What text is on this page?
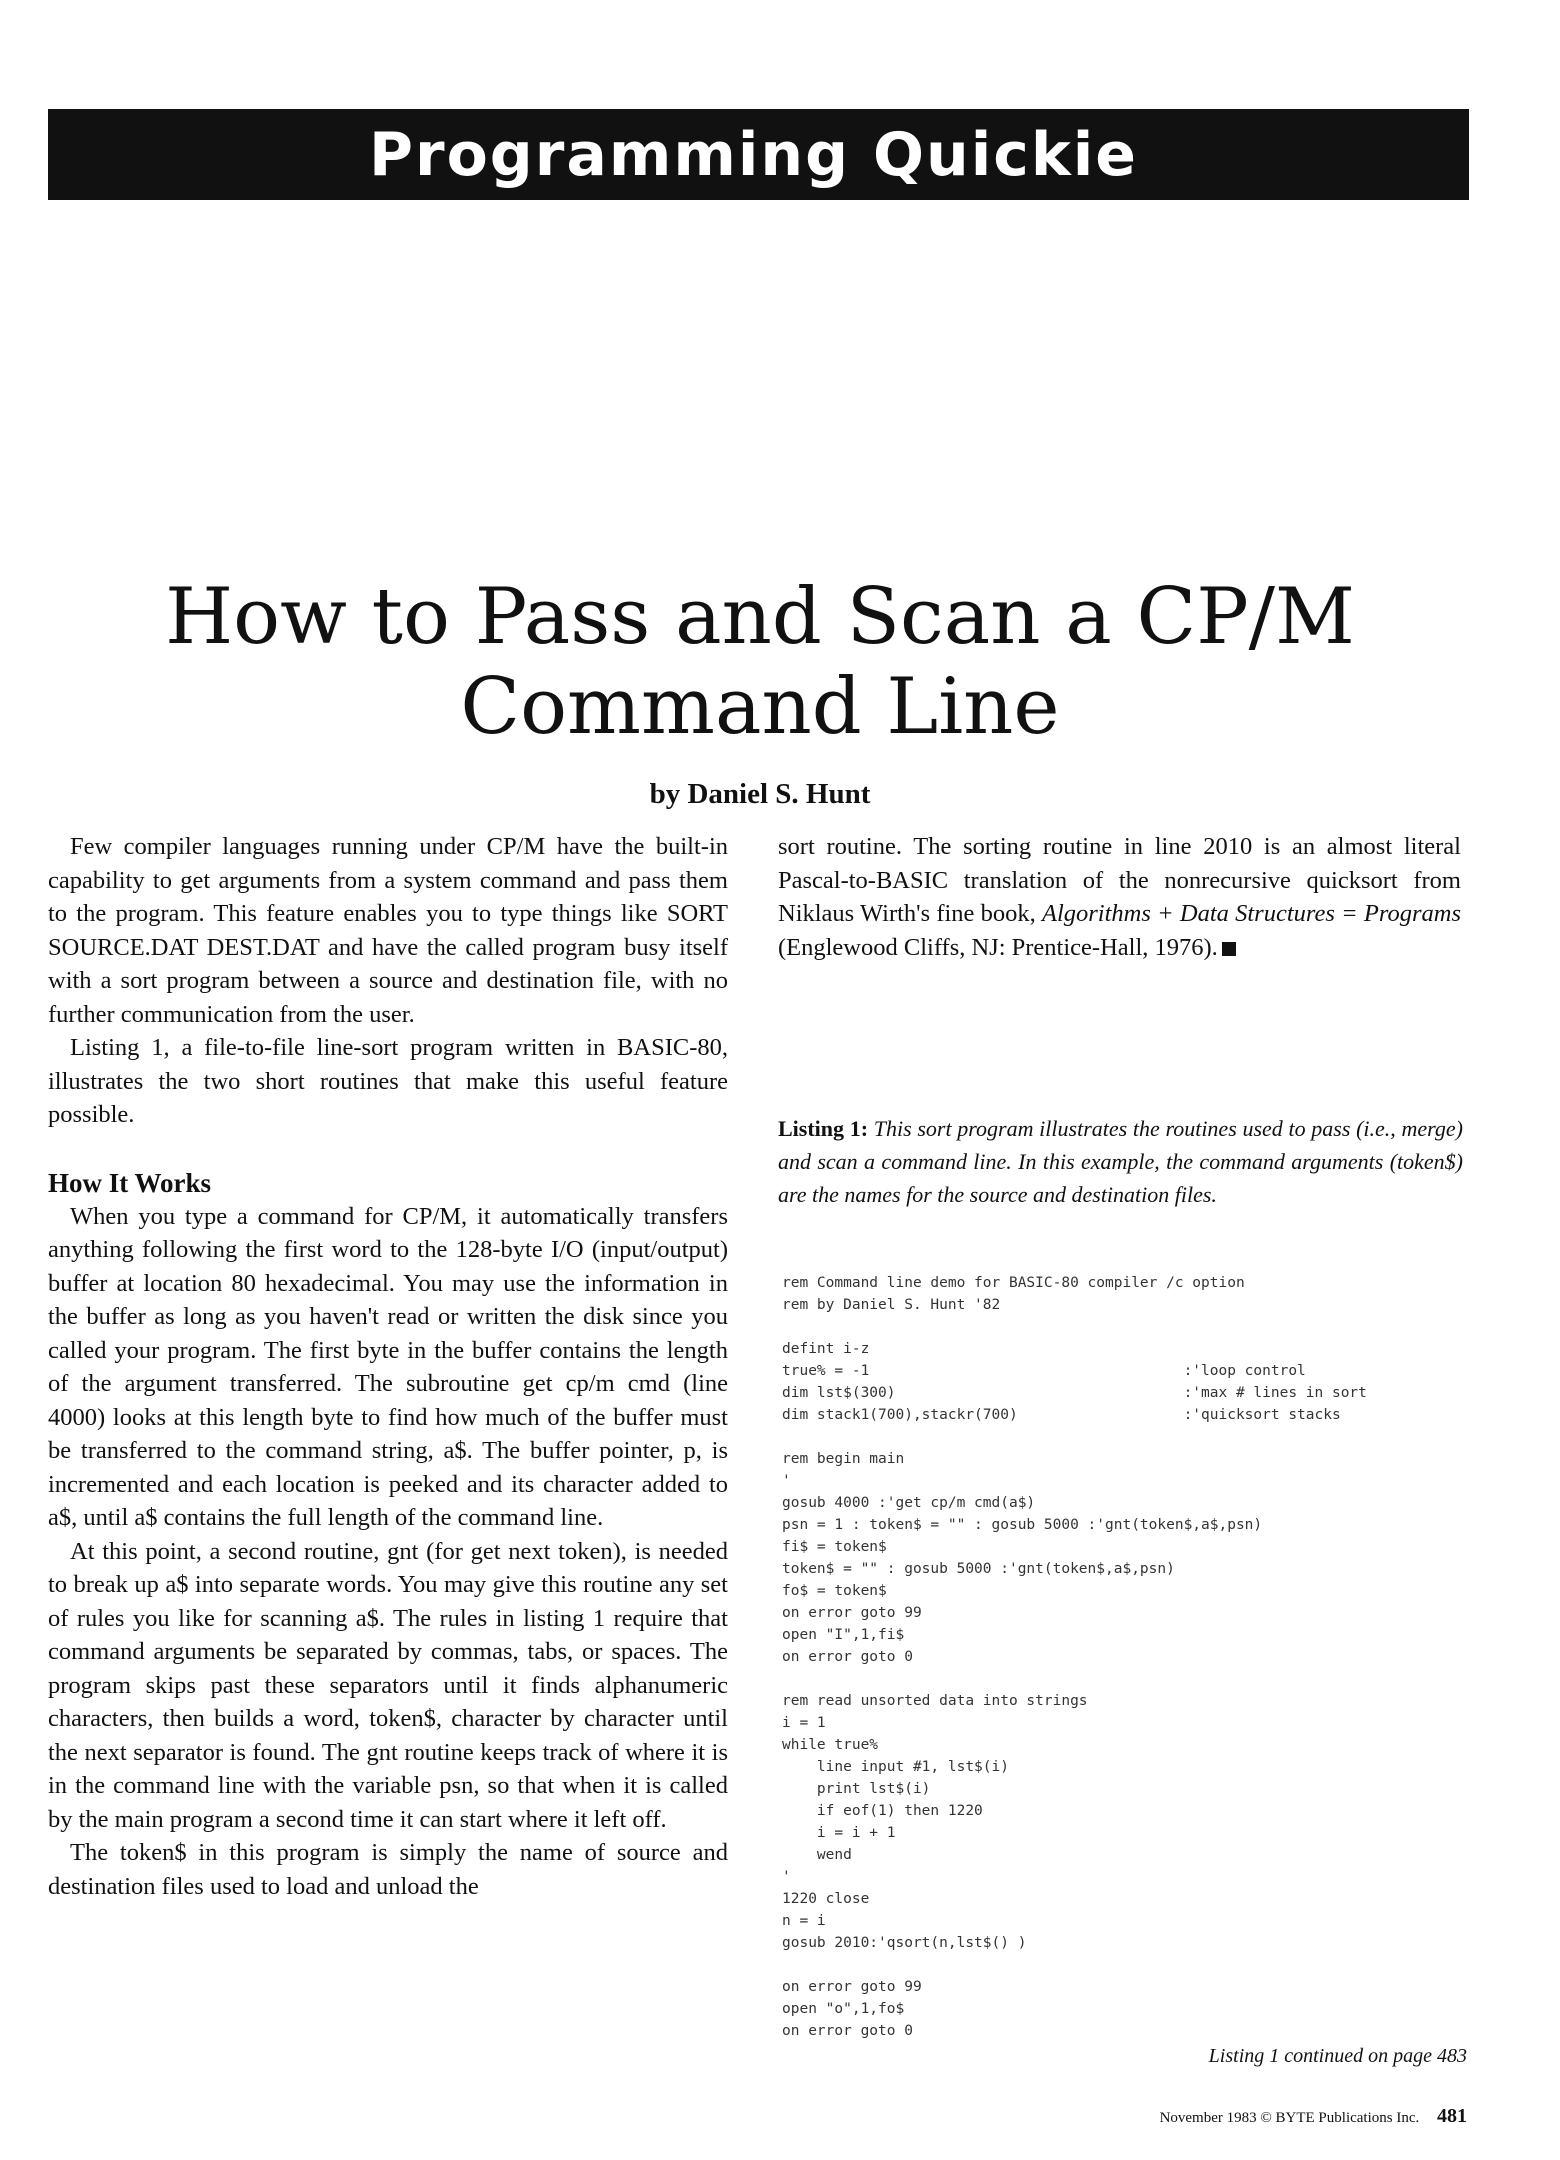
Programming Quickie
How to Pass and Scan a CP/M
Command Line
by Daniel S. Hunt

Few compiler languages running under CP/M have the built-in capability to get arguments from a system command and pass them to the program. This feature enables you to type things like SORT SOURCE.DAT DEST.DAT and have the called program busy itself with a sort program between a source and destination file, with no further communication from the user.

Listing 1, a file-to-file line-sort program written in BASIC-80, illustrates the two short routines that make this useful feature possible.

How It Works

When you type a command for CP/M, it automatically transfers anything following the first word to the 128-byte I/O (input/output) buffer at location 80 hexadecimal. You may use the information in the buffer as long as you haven't read or written the disk since you called your program. The first byte in the buffer contains the length of the argument transferred. The subroutine get cp/m cmd (line 4000) looks at this length byte to find how much of the buffer must be transferred to the command string, a$. The buffer pointer, p, is incremented and each location is peeked and its character added to a$, until a$ contains the full length of the command line.

At this point, a second routine, gnt (for get next token), is needed to break up a$ into separate words. You may give this routine any set of rules you like for scanning a$. The rules in listing 1 require that command arguments be separated by commas, tabs, or spaces. The program skips past these separators until it finds alphanumeric characters, then builds a word, token$, character by character until the next separator is found. The gnt routine keeps track of where it is in the command line with the variable psn, so that when it is called by the main program a second time it can start where it left off.

The token$ in this program is simply the name of source and destination files used to load and unload the

sort routine. The sorting routine in line 2010 is an almost literal Pascal-to-BASIC translation of the nonrecursive quicksort from Niklaus Wirth's fine book, Algorithms + Data Structures = Programs (Englewood Cliffs, NJ: Prentice-Hall, 1976).

Listing 1: This sort program illustrates the routines used to pass (i.e., merge) and scan a command line. In this example, the command arguments (token$) are the names for the source and destination files.
rem Command line demo for BASIC-80 compiler /c option
rem by Daniel S. Hunt '82
defint i-z
true% = -1                                    :'loop control
dim lst$(300)                                 :'max # lines in sort
dim stack1(700),stackr(700)                   :'quicksort stacks
rem begin main
'
gosub 4000 :'get cp/m cmd(a$)
psn = 1 : token$ = "" : gosub 5000 :'gnt(token$,a$,psn)
fi$ = token$
token$ = "" : gosub 5000 :'gnt(token$,a$,psn)
fo$ = token$
on error goto 99
open "I",1,fi$
on error goto 0
rem read unsorted data into strings
i = 1
while true%
line input #1, lst$(i)
print lst$(i)
if eof(1) then 1220
i = i + 1
wend
'
1220 close
n = i
gosub 2010:'qsort(n,lst$() )
on error goto 99
open "o",1,fo$
on error goto 0
Listing 1 continued on page 483
November 1983 © BYTE Publications Inc. 481
